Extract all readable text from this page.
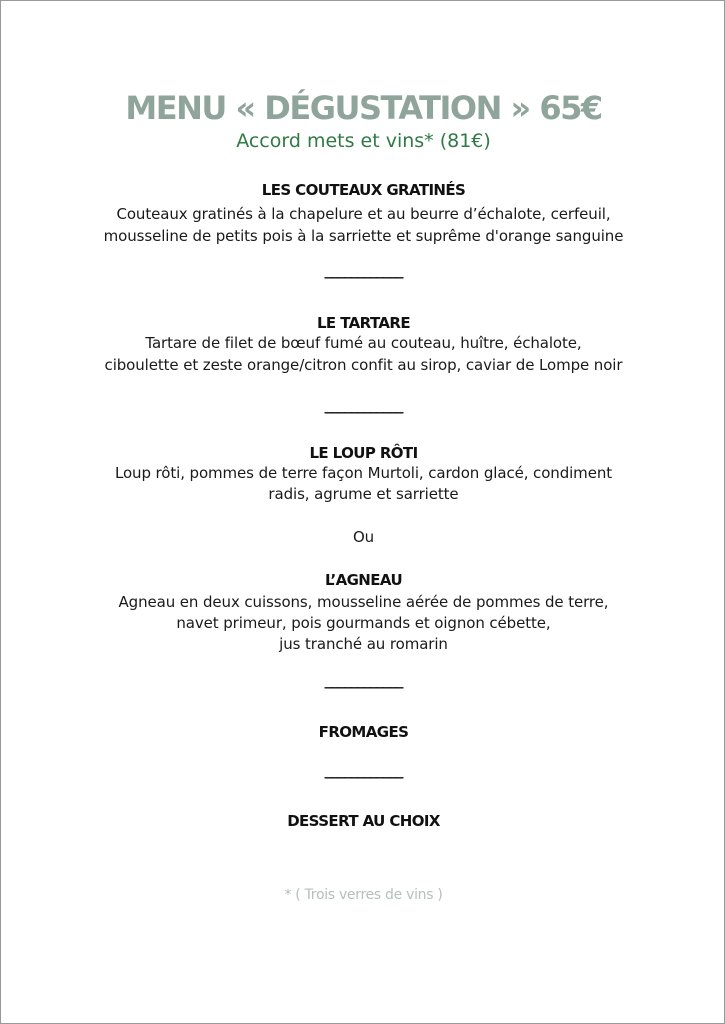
MENU « DÉGUSTATION » 65€
Accord mets et vins* (81€)
LES COUTEAUX GRATINÉS
Couteaux gratinés à la chapelure et au beurre d’échalote, cerfeuil,
mousseline de petits pois à la sarriette et suprême d'orange sanguine
____________
LE TARTARE
Tartare de filet de bœuf fumé au couteau, huître, échalote,
ciboulette et zeste orange/citron confit au sirop, caviar de Lompe noir
____________
LE LOUP RÔTI
Loup rôti, pommes de terre façon Murtoli, cardon glacé, condiment
radis, agrume et sarriette
Ou
L’AGNEAU
Agneau en deux cuissons, mousseline aérée de pommes de terre,
navet primeur, pois gourmands et oignon cébette,
jus tranché au romarin
____________
FROMAGES
____________
DESSERT AU CHOIX
* ( Trois verres de vins )
